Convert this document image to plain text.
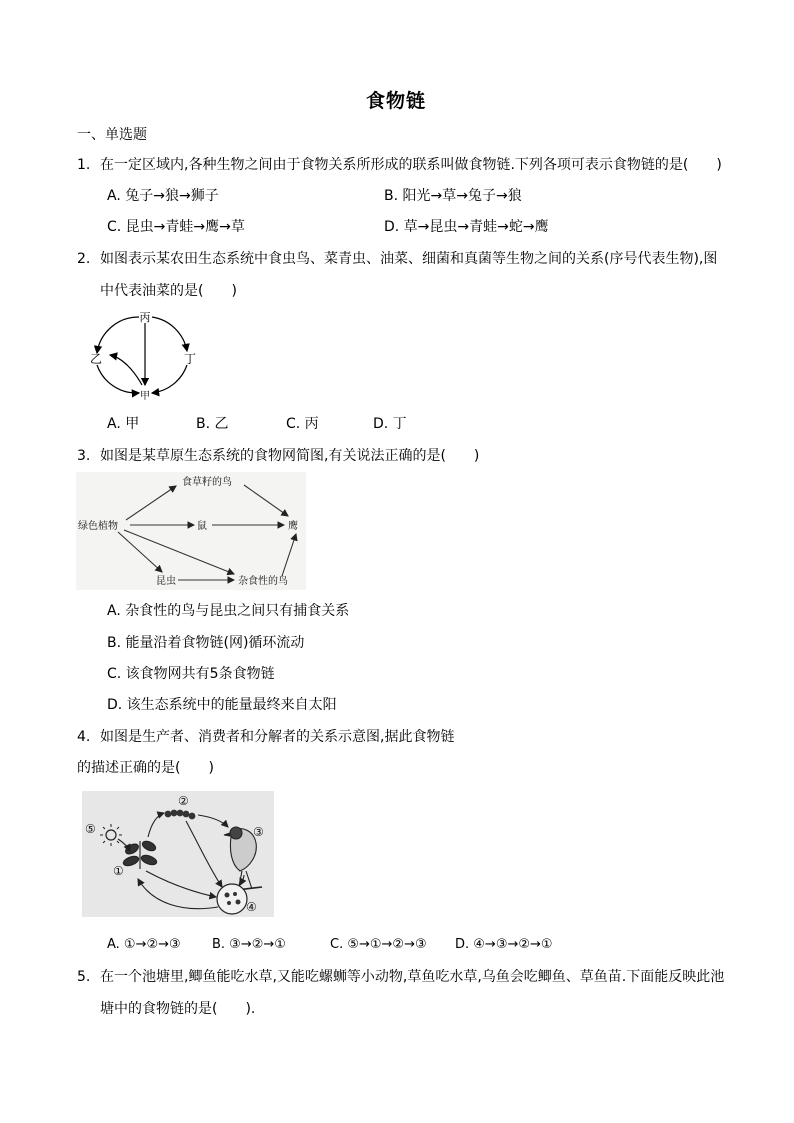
食物链
一、单选题
1. 在一定区域内,各种生物之间由于食物关系所形成的联系叫做食物链.下列各项可表示食物链的是(　　)
A. 兔子→狼→狮子	B. 阳光→草→兔子→狼
C. 昆虫→青蛙→鹰→草	D. 草→昆虫→青蛙→蛇→鹰
2. 如图表示某农田生态系统中食虫鸟、菜青虫、油菜、细菌和真菌等生物之间的关系(序号代表生物),图
中代表油菜的是(　　)
丙
乙	丁
甲
A. 甲	B. 乙	C. 丙	D. 丁
3. 如图是某草原生态系统的食物网简图,有关说法正确的是(　　)
绿色植物
食草籽的鸟
鼠	鹰
昆虫	杂食性的鸟
A. 杂食性的鸟与昆虫之间只有捕食关系
B. 能量沿着食物链(网)循环流动
C. 该食物网共有5条食物链
D. 该生态系统中的能量最终来自太阳
4. 如图是生产者、消费者和分解者的关系示意图,据此食物链
的描述正确的是(　　)
①
②
③
④
⑤
A. ①→②→③ B. ③→②→①	C. ⑤→①→②→③ D. ④→③→②→①
5. 在一个池塘里,鲫鱼能吃水草,又能吃螺蛳等小动物,草鱼吃水草,乌鱼会吃鲫鱼、草鱼苗.下面能反映此池
塘中的食物链的是(　　).
